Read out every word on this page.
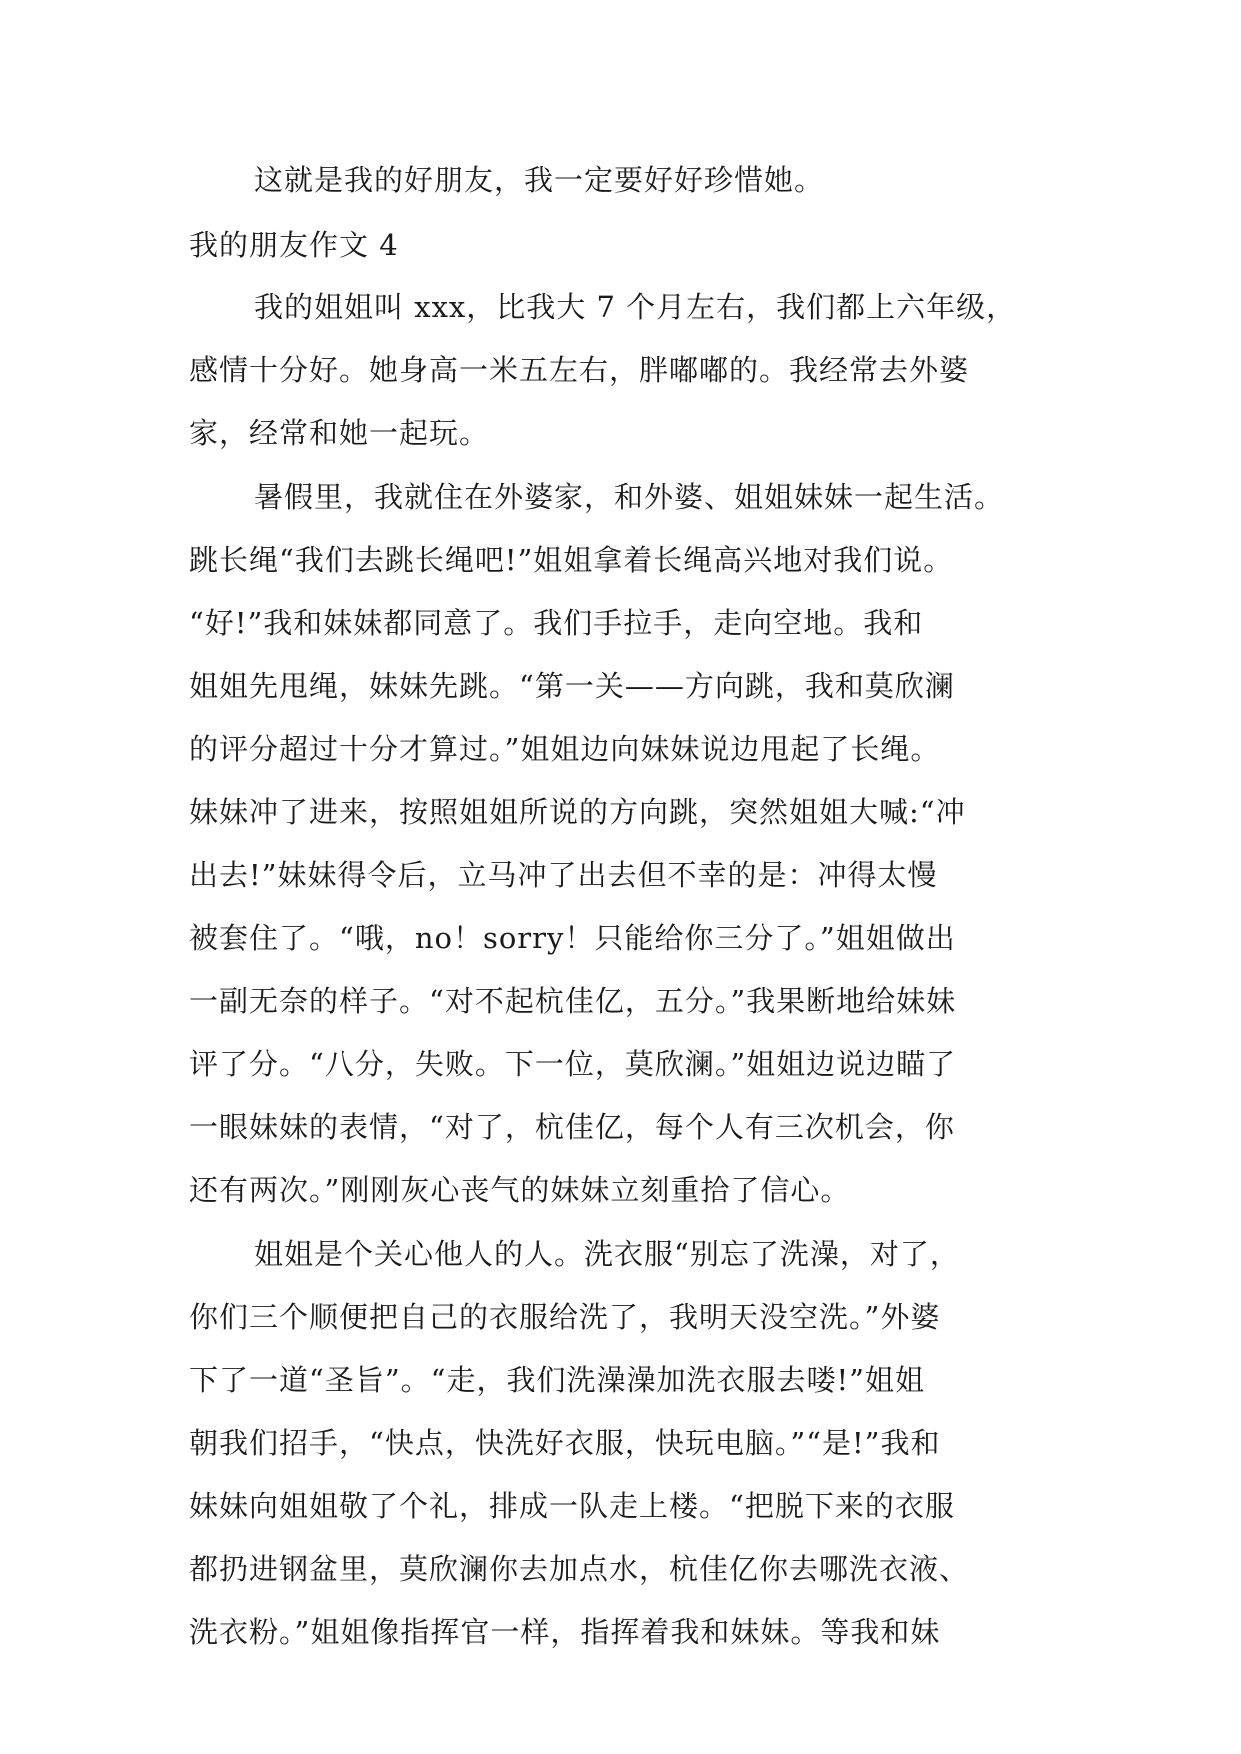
这就是我的好朋友，我一定要好好珍惜她。
我的朋友作文 4
我的姐姐叫 xxx，比我大 7 个月左右，我们都上六年级，
感情十分好。她身高一米五左右，胖嘟嘟的。我经常去外婆
家，经常和她一起玩。
暑假里，我就住在外婆家，和外婆、姐姐妹妹一起生活。
跳长绳“我们去跳长绳吧!”姐姐拿着长绳高兴地对我们说。
“好!”我和妹妹都同意了。我们手拉手，走向空地。我和
姐姐先甩绳，妹妹先跳。“第一关——方向跳，我和莫欣澜
的评分超过十分才算过。”姐姐边向妹妹说边甩起了长绳。
妹妹冲了进来，按照姐姐所说的方向跳，突然姐姐大喊:“冲
出去!”妹妹得令后，立马冲了出去但不幸的是：冲得太慢
被套住了。“哦，no！sorry！只能给你三分了。”姐姐做出
一副无奈的样子。“对不起杭佳亿，五分。”我果断地给妹妹
评了分。“八分，失败。下一位，莫欣澜。”姐姐边说边瞄了
一眼妹妹的表情，“对了，杭佳亿，每个人有三次机会，你
还有两次。”刚刚灰心丧气的妹妹立刻重拾了信心。
姐姐是个关心他人的人。洗衣服“别忘了洗澡，对了，
你们三个顺便把自己的衣服给洗了，我明天没空洗。”外婆
下了一道“圣旨”。“走，我们洗澡澡加洗衣服去喽!”姐姐
朝我们招手，“快点，快洗好衣服，快玩电脑。”“是!”我和
妹妹向姐姐敬了个礼，排成一队走上楼。“把脱下来的衣服
都扔进钢盆里，莫欣澜你去加点水，杭佳亿你去哪洗衣液、
洗衣粉。”姐姐像指挥官一样，指挥着我和妹妹。等我和妹
